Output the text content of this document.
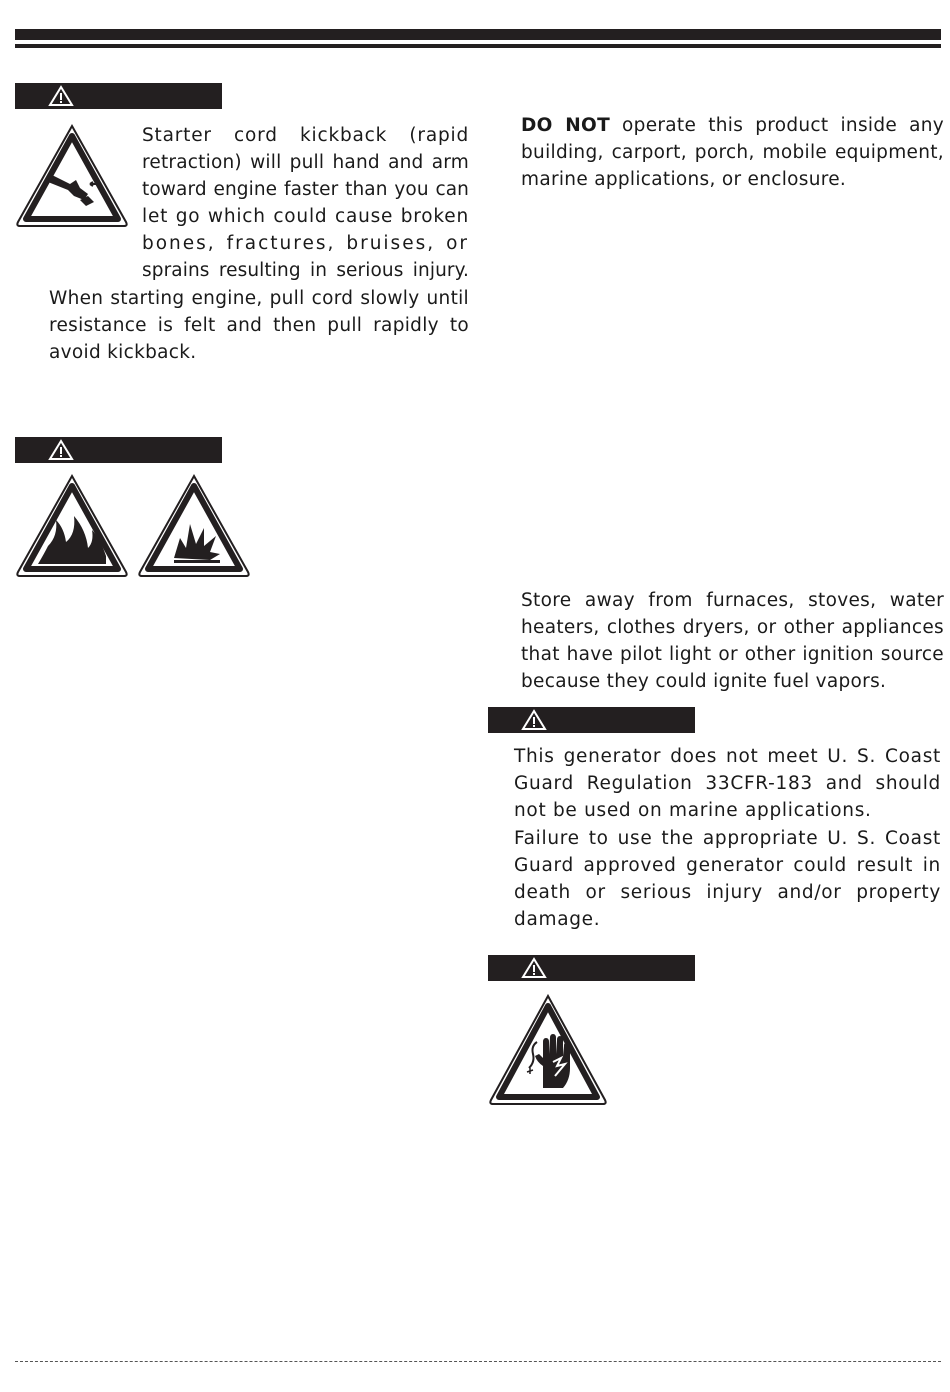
Starter cord kickback (rapid
retraction) will pull hand and arm
toward engine faster than you can
let go which could cause broken
bones, fractures, bruises, or
sprains resulting in serious injury.
When starting engine, pull cord slowly until resistance is felt and then pull rapidly to avoid kickback.
DO NOT operate this product inside any building, carport, porch, mobile equipment, marine applications, or enclosure.
Store away from furnaces, stoves, water heaters, clothes dryers, or other appliances that have pilot light or other ignition source because they could ignite fuel vapors.
This generator does not meet U. S. Coast Guard Regulation 33CFR-183 and should not be used on marine applications.
Failure to use the appropriate U. S. Coast Guard approved generator could result in death or serious injury and/or property damage.
